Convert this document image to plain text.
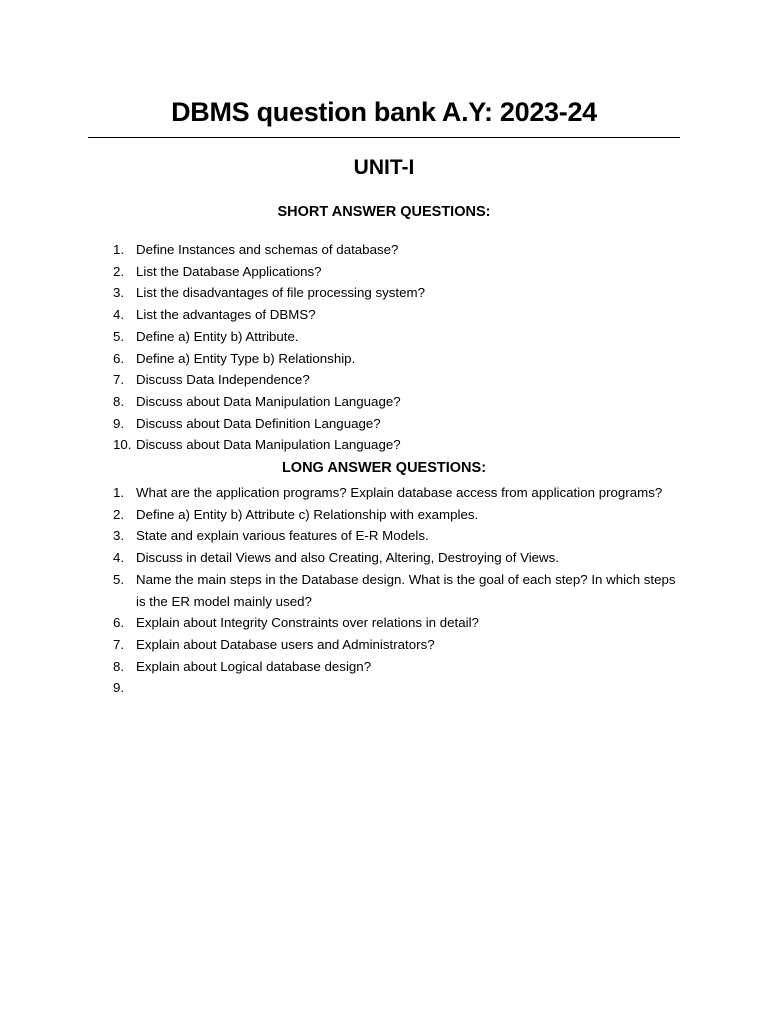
DBMS question bank A.Y: 2023-24
UNIT-I
SHORT ANSWER QUESTIONS:
1. Define Instances and schemas of database?
2. List the Database Applications?
3. List the disadvantages of file processing system?
4. List the advantages of DBMS?
5. Define a) Entity b) Attribute.
6. Define a) Entity Type b) Relationship.
7. Discuss Data Independence?
8. Discuss about Data Manipulation Language?
9. Discuss about Data Definition Language?
10. Discuss about Data Manipulation Language?
LONG ANSWER QUESTIONS:
1. What are the application programs? Explain database access from application programs?
2. Define a) Entity b) Attribute c) Relationship with examples.
3. State and explain various features of E-R Models.
4. Discuss in detail Views and also Creating, Altering, Destroying of Views.
5. Name the main steps in the Database design. What is the goal of each step? In which steps is the ER model mainly used?
6. Explain about Integrity Constraints over relations in detail?
7. Explain about Database users and Administrators?
8. Explain about Logical database design?
9.
